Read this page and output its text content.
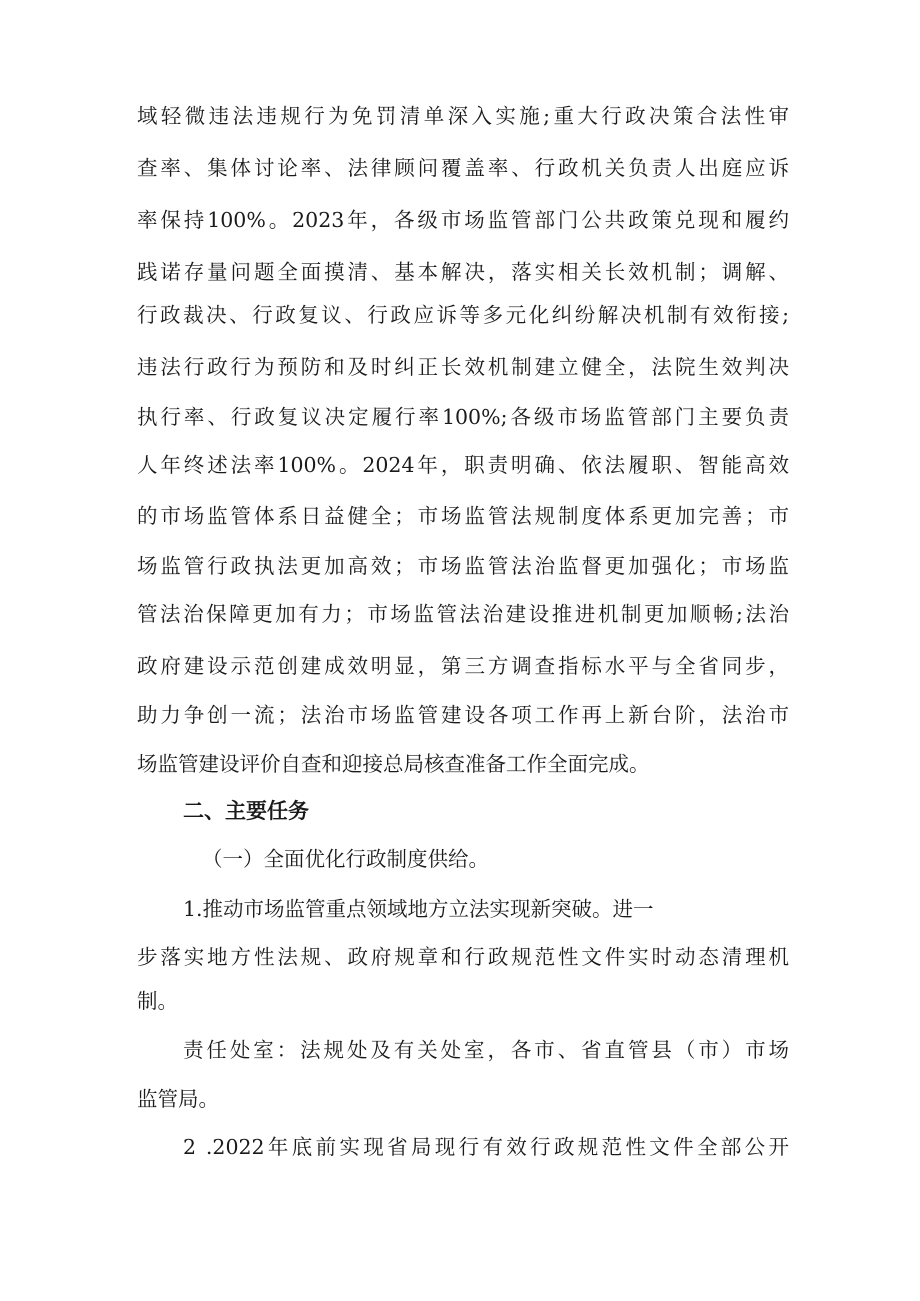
域轻微违法违规行为免罚清单深入实施;重大行政决策合法性审
查率、集体讨论率、法律顾问覆盖率、行政机关负责人出庭应诉
率保持100%。2023年，各级市场监管部门公共政策兑现和履约
践诺存量问题全面摸清、基本解决，落实相关长效机制；调解、
行政裁决、行政复议、行政应诉等多元化纠纷解决机制有效衔接;
违法行政行为预防和及时纠正长效机制建立健全，法院生效判决
执行率、行政复议决定履行率100%;各级市场监管部门主要负责
人年终述法率100%。2024年，职责明确、依法履职、智能高效
的市场监管体系日益健全；市场监管法规制度体系更加完善；市
场监管行政执法更加高效；市场监管法治监督更加强化；市场监
管法治保障更加有力；市场监管法治建设推进机制更加顺畅;法治
政府建设示范创建成效明显，第三方调查指标水平与全省同步，
助力争创一流；法治市场监管建设各项工作再上新台阶，法治市
场监管建设评价自查和迎接总局核查准备工作全面完成。
二、主要任务
（一）全面优化行政制度供给。
1.推动市场监管重点领域地方立法实现新突破。进一
步落实地方性法规、政府规章和行政规范性文件实时动态清理机
制。
责任处室：法规处及有关处室，各市、省直管县（市）市场
监管局。
2 .2022年底前实现省局现行有效行政规范性文件全部公开
